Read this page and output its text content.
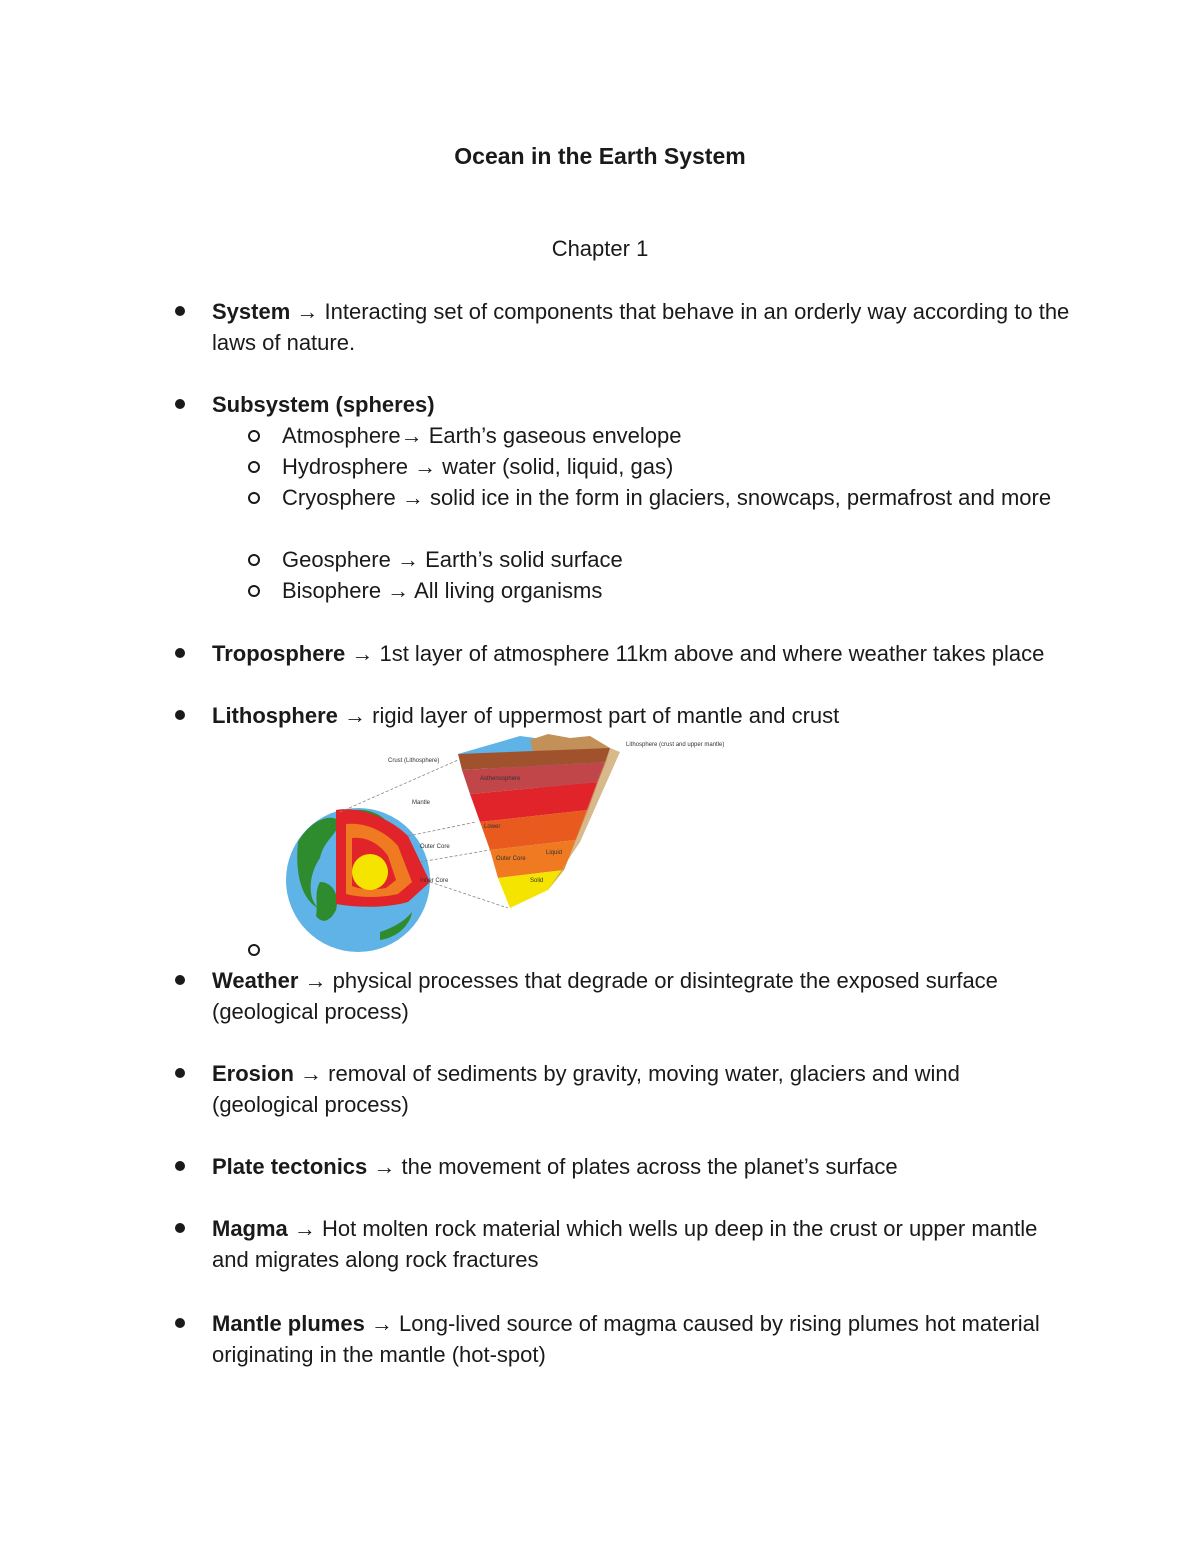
Ocean in the Earth System
Chapter 1
System → Interacting set of components that behave in an orderly way according to the laws of nature.
Subsystem (spheres)
Atmosphere→ Earth’s gaseous envelope
Hydrosphere → water (solid, liquid, gas)
Cryosphere → solid ice in the form in glaciers, snowcaps, permafrost and more
Geosphere → Earth’s solid surface
Bisophere → All living organisms
Troposphere → 1st layer of atmosphere 11km above and where weather takes place
Lithosphere → rigid layer of uppermost part of mantle and crust
Asthenosphere
Lower
Outer Core
Liquid
Solid
Mantle
Outer Core
Inner Core
Crust (Lithosphere)
Lithosphere (crust and upper mantle)
Weather → physical processes that degrade or disintegrate the exposed surface (geological process)
Erosion → removal of sediments by gravity, moving water, glaciers and wind (geological process)
Plate tectonics → the movement of plates across the planet’s surface
Magma → Hot molten rock material which wells up deep in the crust or upper mantle and migrates along rock fractures
Mantle plumes → Long-lived source of magma caused by rising plumes hot material originating in the mantle (hot-spot)
